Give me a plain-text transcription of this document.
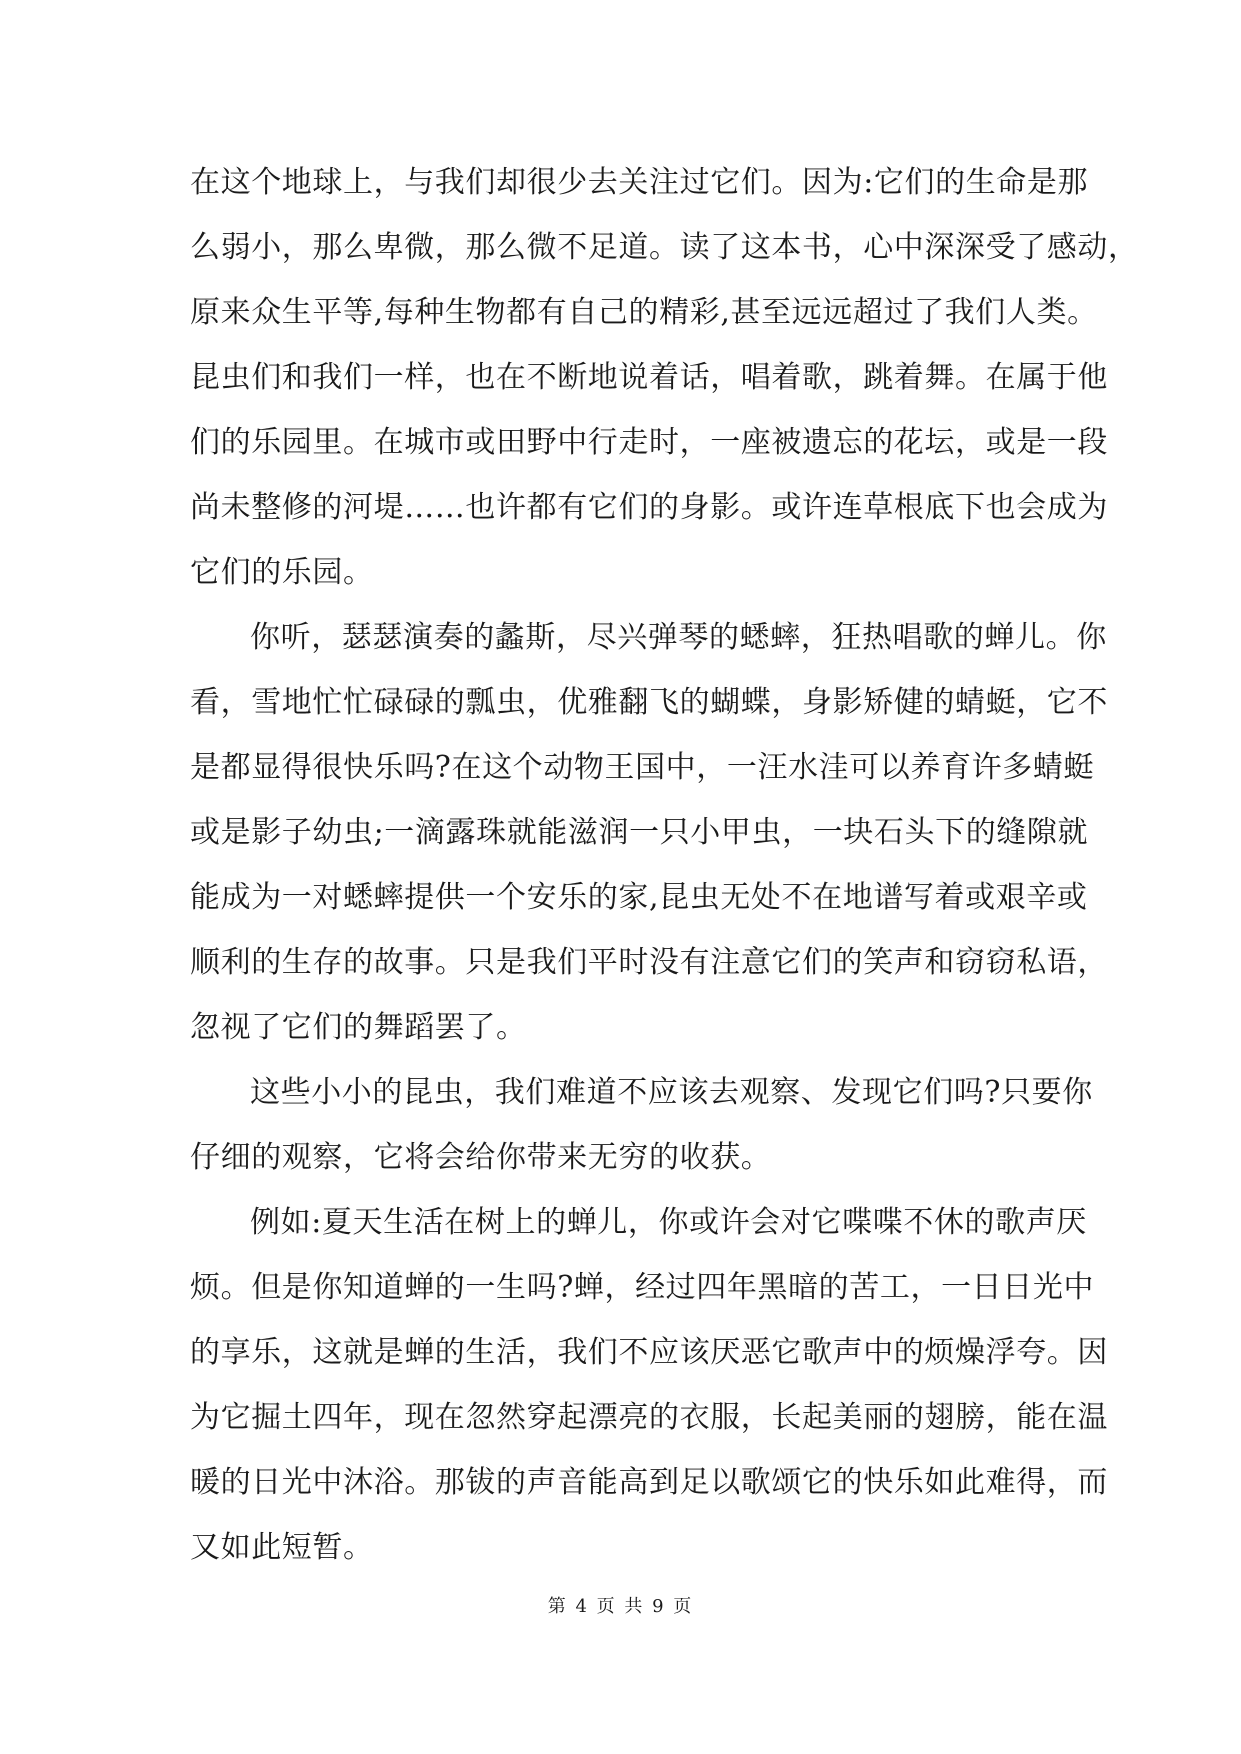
在这个地球上，与我们却很少去关注过它们。因为:它们的生命是那
么弱小，那么卑微，那么微不足道。读了这本书，心中深深受了感动，
原来众生平等,每种生物都有自己的精彩,甚至远远超过了我们人类。
昆虫们和我们一样，也在不断地说着话，唱着歌，跳着舞。在属于他
们的乐园里。在城市或田野中行走时，一座被遗忘的花坛，或是一段
尚未整修的河堤……也许都有它们的身影。或许连草根底下也会成为
它们的乐园。
你听，瑟瑟演奏的蠡斯，尽兴弹琴的蟋蟀，狂热唱歌的蝉儿。你
看，雪地忙忙碌碌的瓢虫，优雅翻飞的蝴蝶，身影矫健的蜻蜓，它不
是都显得很快乐吗?在这个动物王国中，一汪水洼可以养育许多蜻蜓
或是影子幼虫;一滴露珠就能滋润一只小甲虫，一块石头下的缝隙就
能成为一对蟋蟀提供一个安乐的家,昆虫无处不在地谱写着或艰辛或
顺利的生存的故事。只是我们平时没有注意它们的笑声和窃窃私语，
忽视了它们的舞蹈罢了。
这些小小的昆虫，我们难道不应该去观察、发现它们吗?只要你
仔细的观察，它将会给你带来无穷的收获。
例如:夏天生活在树上的蝉儿，你或许会对它喋喋不休的歌声厌
烦。但是你知道蝉的一生吗?蝉，经过四年黑暗的苦工，一日日光中
的享乐，这就是蝉的生活，我们不应该厌恶它歌声中的烦燥浮夸。因
为它掘土四年，现在忽然穿起漂亮的衣服，长起美丽的翅膀，能在温
暖的日光中沐浴。那钹的声音能高到足以歌颂它的快乐如此难得，而
又如此短暂。
第 4 页 共 9 页
